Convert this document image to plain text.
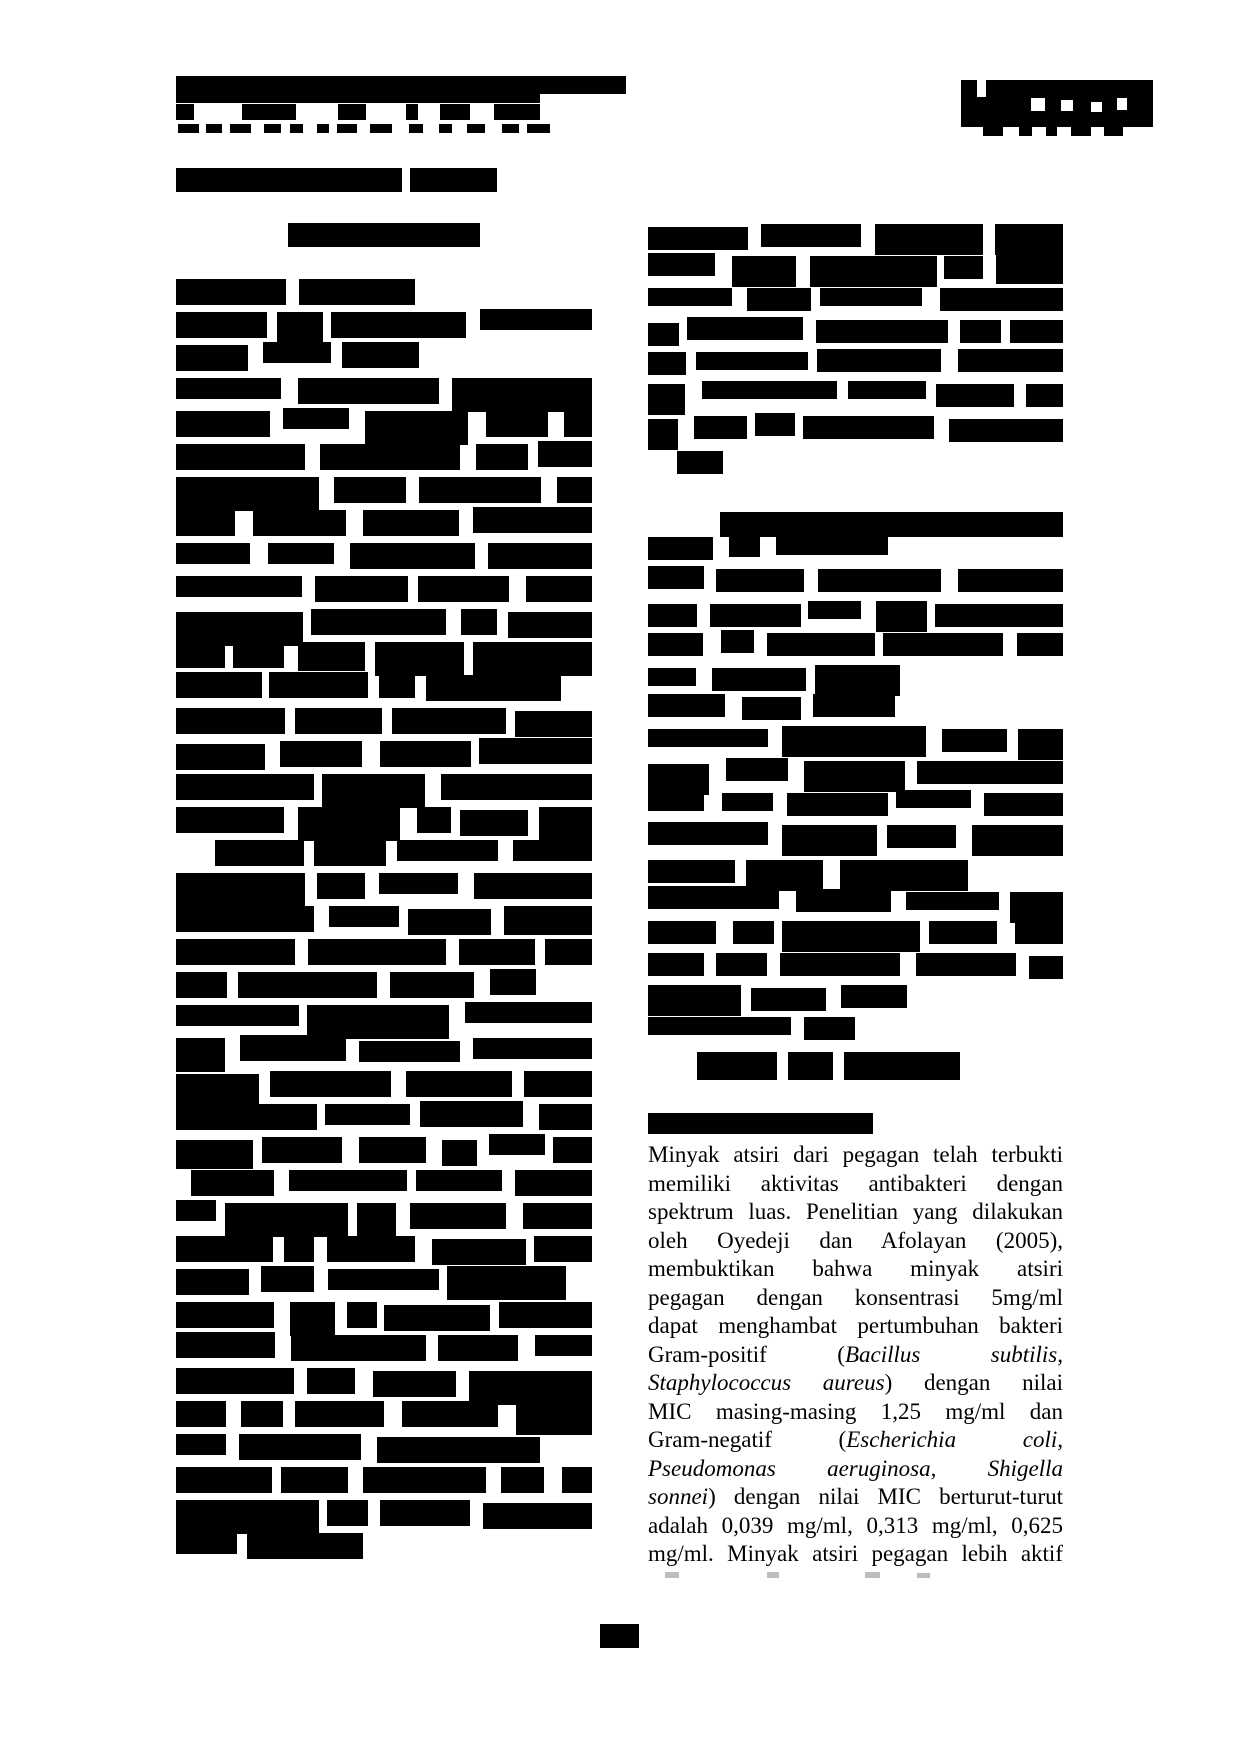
Minyak atsiri dari pegagan telah terbukti
memiliki aktivitas antibakteri dengan
spektrum luas. Penelitian yang dilakukan
oleh Oyedeji dan Afolayan (2005),
membuktikan bahwa minyak atsiri
pegagan dengan konsentrasi 5mg/ml
dapat menghambat pertumbuhan bakteri
Gram-positif (Bacillus subtilis,
Staphylococcus aureus) dengan nilai
MIC masing-masing 1,25 mg/ml dan
Gram-negatif (Escherichia coli,
Pseudomonas aeruginosa, Shigella
sonnei) dengan nilai MIC berturut-turut
adalah 0,039 mg/ml, 0,313 mg/ml, 0,625
mg/ml. Minyak atsiri pegagan lebih aktif
